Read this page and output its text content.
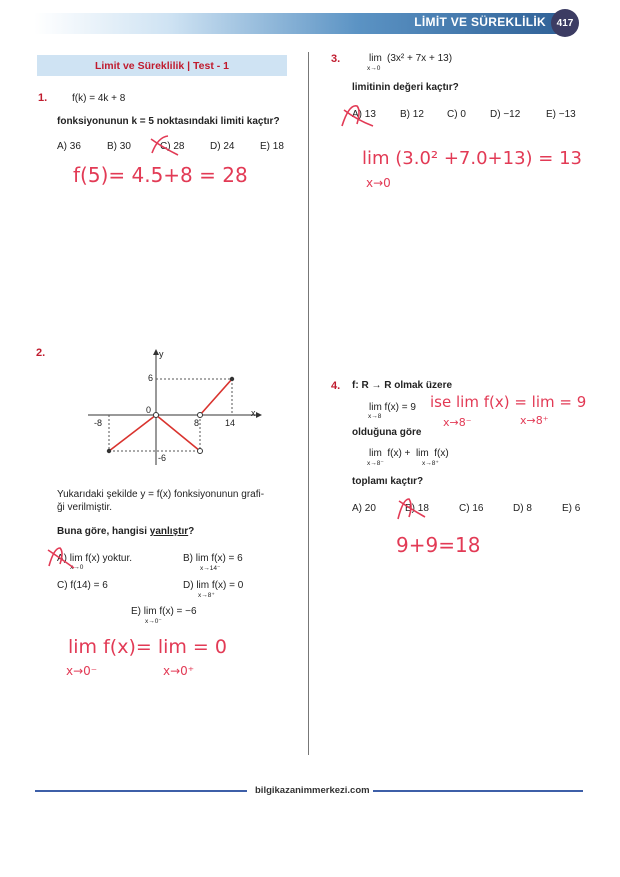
LİMİT VE SÜREKLİLİK	417
Limit ve Süreklilik | Test - 1
1. f(k) = 4k + 8
fonksiyonunun k = 5 noktasındaki limiti kaçtır?
A) 36	B) 30	C) 28	D) 24	E) 18
f(5)= 4.5+8 = 28
3.	lim
x→0
(3x² + 7x + 13)
limitinin değeri kaçtır?
A) 13 B) 12 C) 0 D) −12	E) −13
lim (3.0² +7.0+13) = 13
x→0
2.	y
x
6
0
-8	8	14
-6
Yukarıdaki şekilde y = f(x) fonksiyonunun grafi-
ği verilmiştir.
Buna göre, hangisi yanlıştır?
A) lim f(x) yoktur.
x→0
B) lim f(x) = 6
x→14⁻
C) f(14) = 6	D) lim f(x) = 0
x→8⁺
E) lim f(x) = −6
x→0⁻
lim f(x)= lim = 0
x→0⁻	x→0⁺
4. f: R → R olmak üzere
lim f(x) = 9
x→8
ise lim f(x) = lim = 9
x→8⁻	x→8⁺
olduğuna göre
lim  f(x) +  lim  f(x)
x→8⁻	x→8⁺
toplamı kaçtır?
A) 20	B) 18	C) 16	D) 8	E) 6
9+9=18
bilgikazanimmerkezi.com
